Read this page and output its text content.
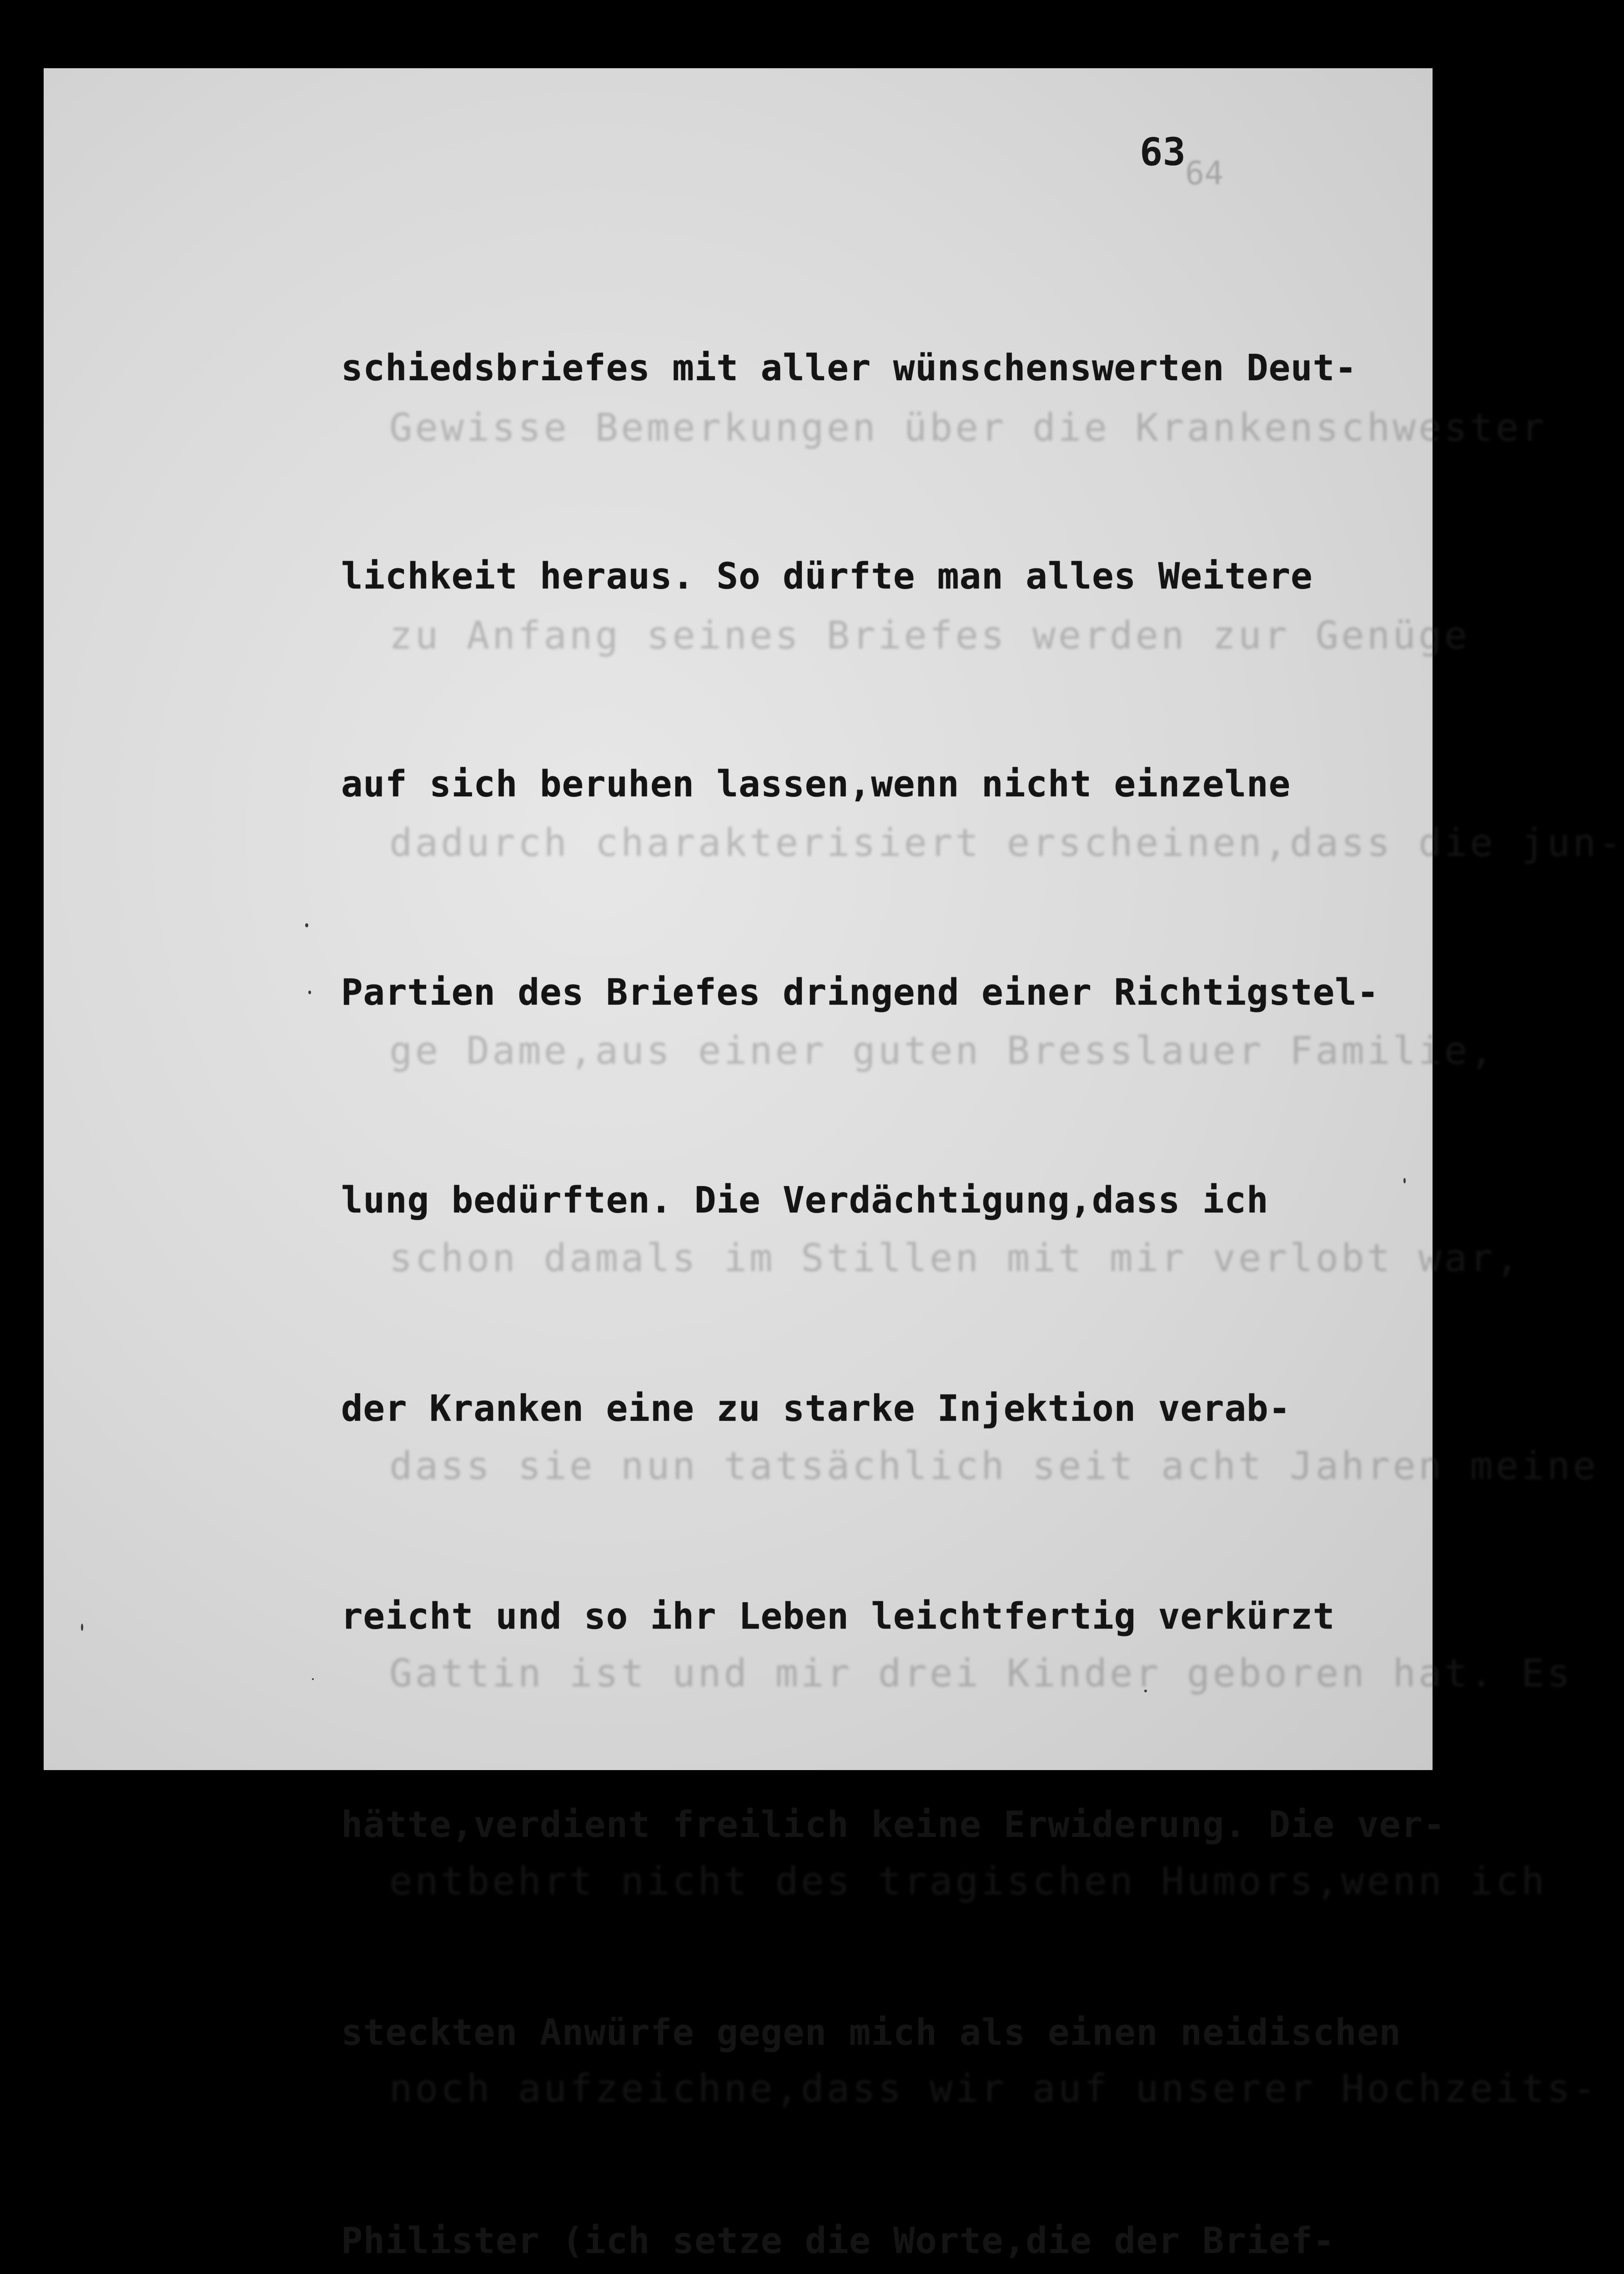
64

Gewisse Bemerkungen über die Krankenschwester

zu Anfang seines Briefes werden zur Genüge

dadurch charakterisiert erscheinen,dass die jun-

ge Dame,aus einer guten Bresslauer Familie,

schon damals im Stillen mit mir verlobt war,

dass sie nun tatsächlich seit acht Jahren meine

Gattin ist und mir drei Kinder geboren hat. Es

entbehrt nicht des tragischen Humors,wenn ich

noch aufzeichne,dass wir auf unserer Hochzeits-

63

schiedsbriefes mit aller wünschenswerten Deut-

lichkeit heraus. So dürfte man alles Weitere

auf sich beruhen lassen,wenn nicht einzelne

Partien des Briefes dringend einer Richtigstel-

lung bedürften. Die Verdächtigung,dass ich

der Kranken eine zu starke Injektion verab-

reicht und so ihr Leben leichtfertig verkürzt

hätte,verdient freilich keine Erwiderung. Die ver-

steckten Anwürfe gegen mich als einen neidischen

Philister (ich setze die Worte,die der Brief-
